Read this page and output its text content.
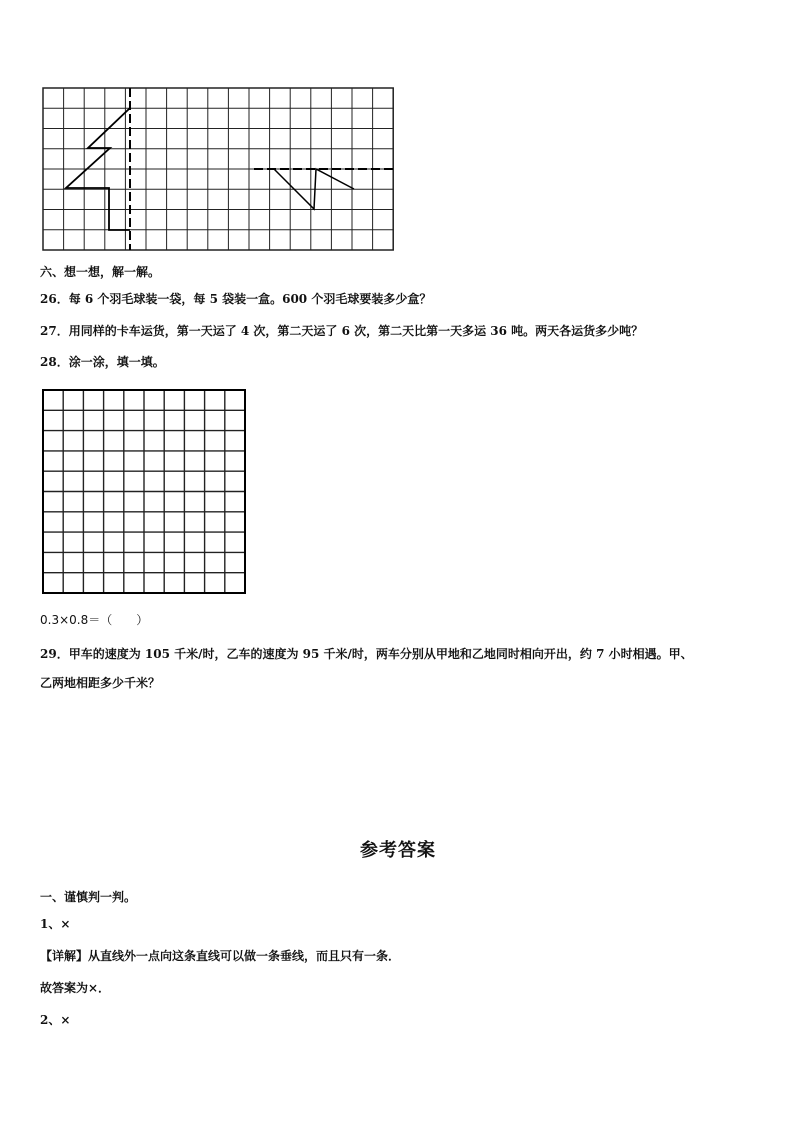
六、想一想，解一解。
26．每 6 个羽毛球装一袋，每 5 袋装一盒。600 个羽毛球要装多少盒？
27．用同样的卡车运货，第一天运了 4 次，第二天运了 6 次，第二天比第一天多运 36 吨。两天各运货多少吨？
28．涂一涂，填一填。
0.3×0.8＝（　　）
29．甲车的速度为 105 千米/时，乙车的速度为 95 千米/时，两车分别从甲地和乙地同时相向开出，约 7 小时相遇。甲、
乙两地相距多少千米？
参考答案
一、谨慎判一判。
1、×
【详解】从直线外一点向这条直线可以做一条垂线，而且只有一条．
故答案为×．
2、×
